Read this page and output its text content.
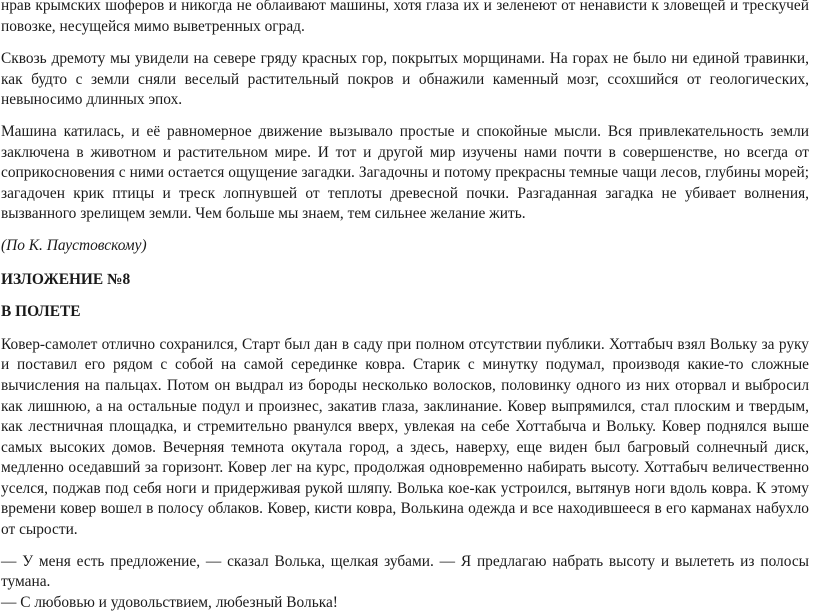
нрав крымских шоферов и никогда не облаивают машины, хотя глаза их и зеленеют от ненависти к зловещей и трескучей повозке, несущейся мимо выветренных оград.

Сквозь дремоту мы увидели на севере гряду красных гор, покрытых морщинами. На горах не было ни единой травинки, как будто с земли сняли веселый растительный покров и обнажили каменный мозг, ссохшийся от геологических, невыносимо длинных эпох.

Машина катилась, и её равномерное движение вызывало простые и спокойные мысли. Вся привлекательность земли заключена в животном и растительном мире. И тот и другой мир изучены нами почти в совершенстве, но всегда от соприкосновения с ними остается ощущение загадки. Загадочны и потому прекрасны темные чащи лесов, глубины морей; загадочен крик птицы и треск лопнувшей от теплоты древесной почки. Разгаданная загадка не убивает волнения, вызванного зрелищем земли. Чем больше мы знаем, тем сильнее желание жить.

(По К. Паустовскому)

ИЗЛОЖЕНИЕ №8

В ПОЛЕТЕ

Ковер-самолет отлично сохранился, Старт был дан в саду при полном отсутствии публики. Хоттабыч взял Вольку за руку и поставил его рядом с собой на самой серединке ковра. Старик с минутку подумал, производя какие-то сложные вычисления на пальцах. Потом он выдрал из бороды несколько волосков, половинку одного из них оторвал и выбросил как лишнюю, а на остальные подул и произнес, закатив глаза, заклинание. Ковер выпрямился, стал плоским и твердым, как лестничная площадка, и стремительно рванулся вверх, увлекая на себе Хоттабыча и Вольку. Ковер поднялся выше самых высоких домов. Вечерняя темнота окутала город, а здесь, наверху, еще виден был багровый солнечный диск, медленно оседавший за горизонт. Ковер лег на курс, продолжая одновременно набирать высоту. Хоттабыч величественно уселся, поджав под себя ноги и придерживая рукой шляпу. Волька кое-как устроился, вытянув ноги вдоль ковра. К этому времени ковер вошел в полосу облаков. Ковер, кисти ковра, Волькина одежда и все находившееся в его карманах набухло от сырости.

— У меня есть предложение, — сказал Волька, щелкая зубами. — Я предлагаю набрать высоту и вылететь из полосы тумана.

— С любовью и удовольствием, любезный Волька!
